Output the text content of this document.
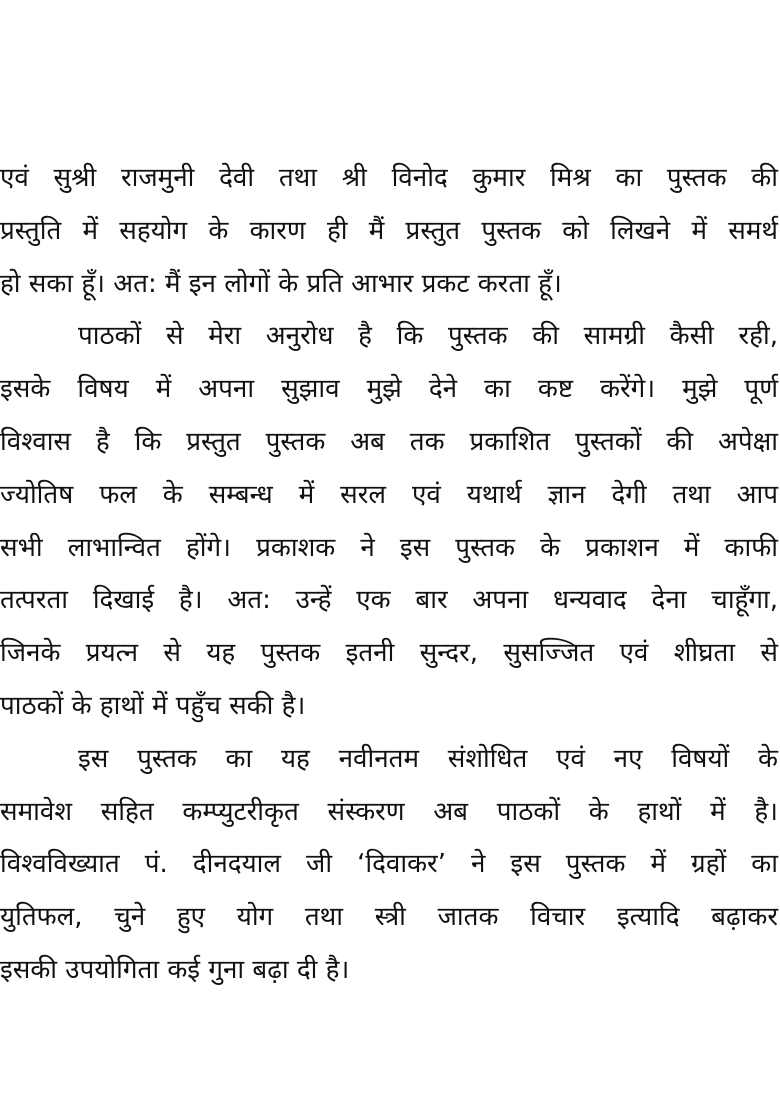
एवं सुश्री राजमुनी देवी तथा श्री विनोद कुमार मिश्र का पुस्तक की
प्रस्तुति में सहयोग के कारण ही मैं प्रस्तुत पुस्तक को लिखने में समर्थ
हो सका हूँ। अत: मैं इन लोगों के प्रति आभार प्रकट करता हूँ।
पाठकों से मेरा अनुरोध है कि पुस्तक की सामग्री कैसी रही,
इसके विषय में अपना सुझाव मुझे देने का कष्ट करेंगे। मुझे पूर्ण
विश्वास है कि प्रस्तुत पुस्तक अब तक प्रकाशित पुस्तकों की अपेक्षा
ज्योतिष फल के सम्बन्ध में सरल एवं यथार्थ ज्ञान देगी तथा आप
सभी लाभान्वित होंगे। प्रकाशक ने इस पुस्तक के प्रकाशन में काफी
तत्परता दिखाई है। अत: उन्हें एक बार अपना धन्यवाद देना चाहूँगा,
जिनके प्रयत्न से यह पुस्तक इतनी सुन्दर, सुसज्जित एवं शीघ्रता से
पाठकों के हाथों में पहुँच सकी है।
इस पुस्तक का यह नवीनतम संशोधित एवं नए विषयों के
समावेश सहित कम्प्युटरीकृत संस्करण अब पाठकों के हाथों में है।
विश्वविख्यात पं. दीनदयाल जी ‘दिवाकर’ ने इस पुस्तक में ग्रहों का
युतिफल, चुने हुए योग तथा स्त्री जातक विचार इत्यादि बढ़ाकर
इसकी उपयोगिता कई गुना बढ़ा दी है।
